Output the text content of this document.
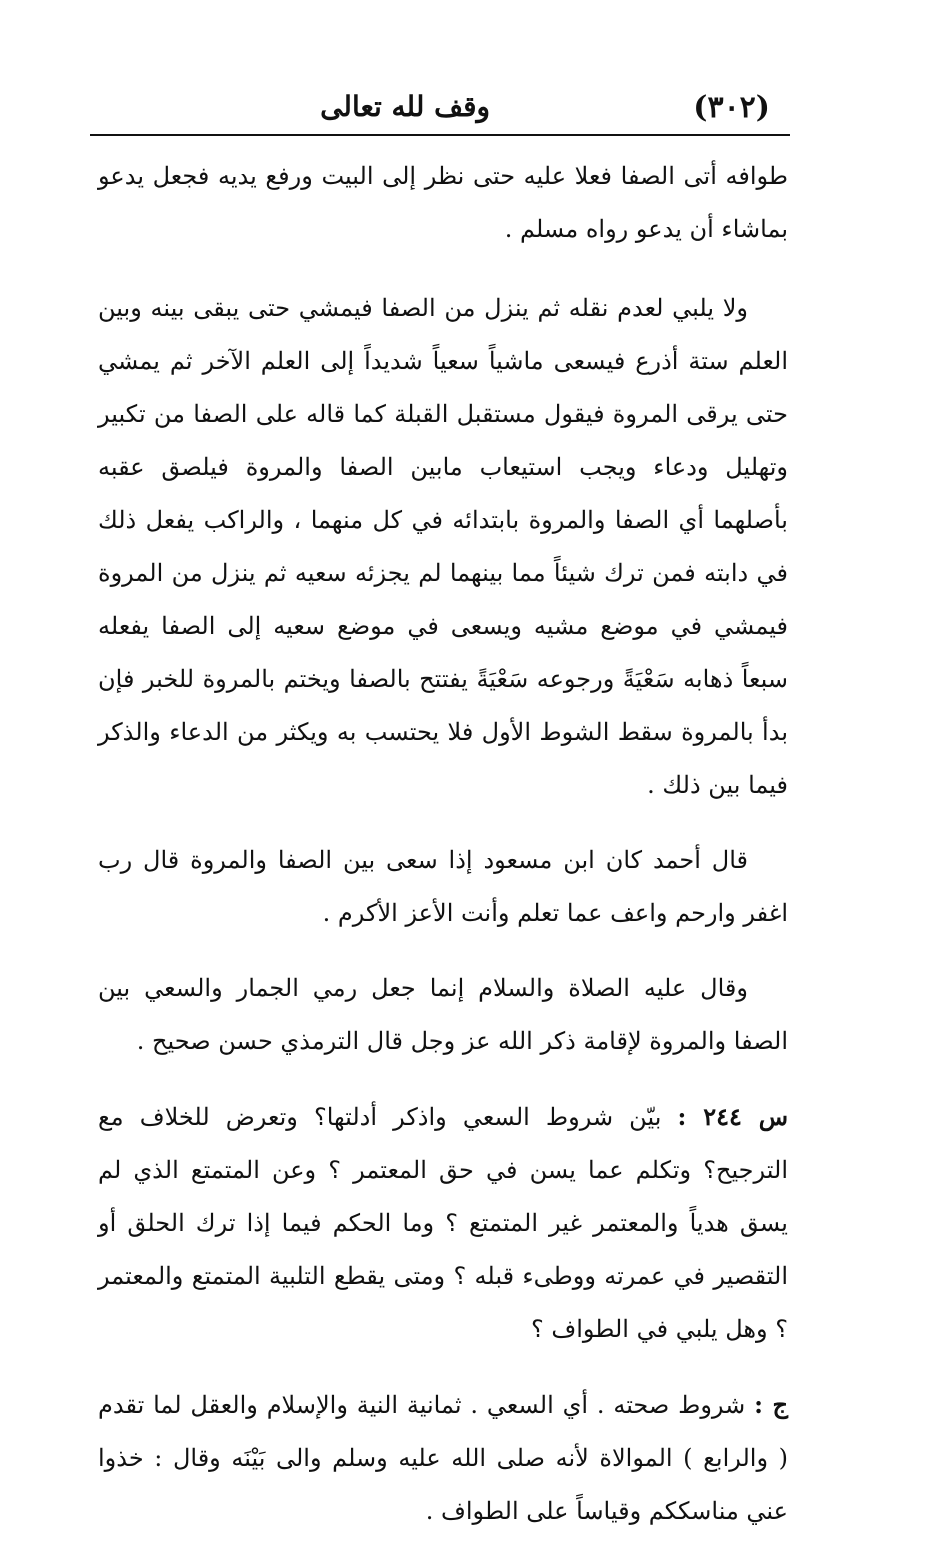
(٣٠٢)
وقف لله تعالى

طوافه أتى الصفا فعلا عليه حتى نظر إلى البيت ورفع يديه فجعل يدعو بماشاء أن يدعو رواه مسلم .

ولا يلبي لعدم نقله ثم ينزل من الصفا فيمشي حتى يبقى بينه وبين العلم ستة أذرع فيسعى ماشياً سعياً شديداً إلى العلم الآخر ثم يمشي حتى يرقى المروة فيقول مستقبل القبلة كما قاله على الصفا من تكبير وتهليل ودعاء ويجب استيعاب مابين الصفا والمروة فيلصق عقبه بأصلهما أي الصفا والمروة بابتدائه في كل منهما ، والراكب يفعل ذلك في دابته فمن ترك شيئاً مما بينهما لم يجزئه سعيه ثم ينزل من المروة فيمشي في موضع مشيه ويسعى في موضع سعيه إلى الصفا يفعله سبعاً ذهابه سَعْيَةً ورجوعه سَعْيَةً يفتتح بالصفا ويختم بالمروة للخبر فإن بدأ بالمروة سقط الشوط الأول فلا يحتسب به ويكثر من الدعاء والذكر فيما بين ذلك .

قال أحمد كان ابن مسعود إذا سعى بين الصفا والمروة قال رب اغفر وارحم واعف عما تعلم وأنت الأعز الأكرم .

وقال عليه الصلاة والسلام إنما جعل رمي الجمار والسعي بين الصفا والمروة لإقامة ذكر الله عز وجل قال الترمذي حسن صحيح .

س ٢٤٤ : بيّن شروط السعي واذكر أدلتها؟ وتعرض للخلاف مع الترجيح؟ وتكلم عما يسن في حق المعتمر ؟ وعن المتمتع الذي لم يسق هدياً والمعتمر غير المتمتع ؟ وما الحكم فيما إذا ترك الحلق أو التقصير في عمرته ووطىء قبله ؟ ومتى يقطع التلبية المتمتع والمعتمر ؟ وهل يلبي في الطواف ؟

ج : شروط صحته . أي السعي . ثمانية النية والإسلام والعقل لما تقدم ( والرابع ) الموالاة لأنه صلى الله عليه وسلم والى بَيْنَه وقال : خذوا عني مناسككم وقياساً على الطواف .
